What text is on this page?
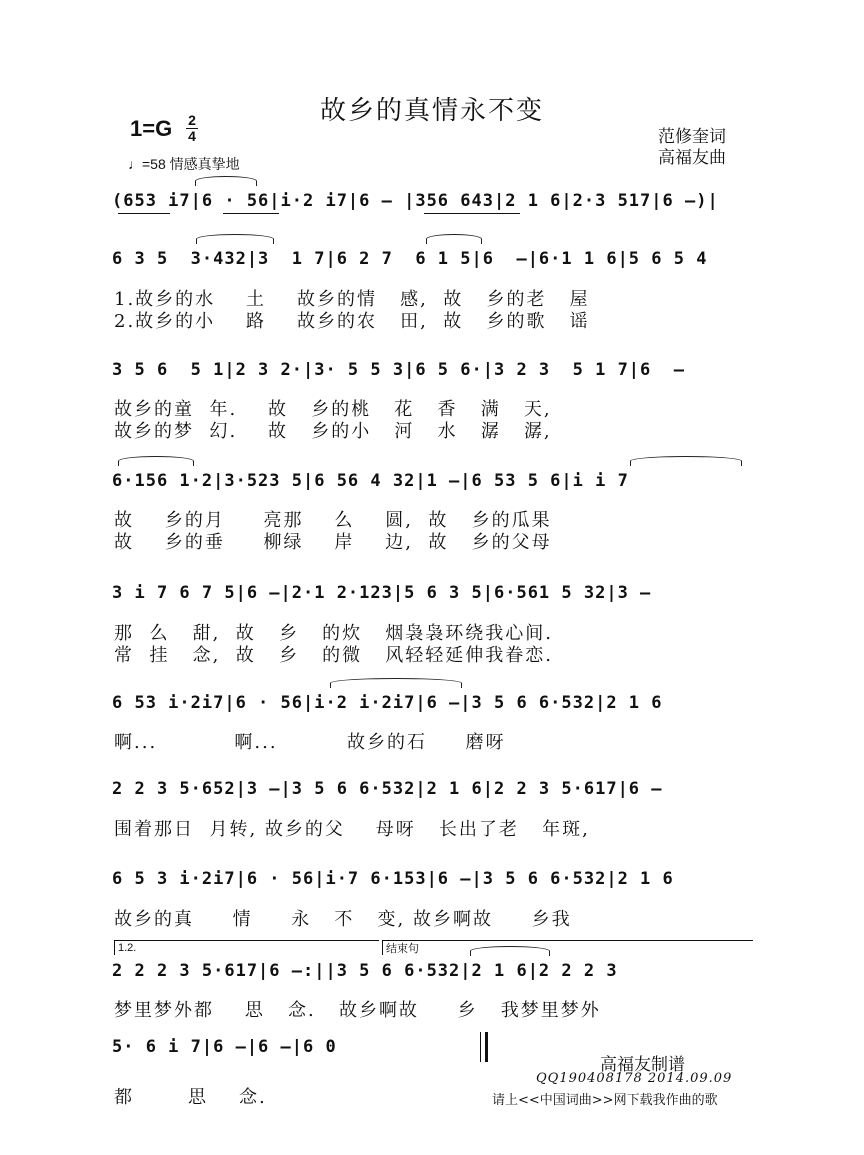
故乡的真情永不变
1=G 2
4	范修奎词
高福友曲
♩=58 情感真挚地
(653 i7|6 · 56|i·2 i7|6 – |356 643|2 1 6|2·3 517|6 –)|
6 3 5  3·432|3  1 7|6 2 7  6 1 5|6  –|6·1 1 6|5 6 5 4
1.故乡的水    土    故乡的情   感,  故   乡的老   屋
2.故乡的小    路    故乡的农   田,  故   乡的歌   谣
3 5 6  5 1|2 3 2·|3· 5 5 3|6 5 6·|3 2 3  5 1 7|6  –
故乡的童  年.    故   乡的桃   花   香   满   天,
故乡的梦  幻.    故   乡的小   河   水   潺   潺,
6·156 1·2|3·523 5|6 56 4 32|1 –|6 53 5 6|i i 7
故    乡的月     亮那    么    圆,  故   乡的瓜果
故    乡的垂     柳绿    岸    边,  故   乡的父母
3 i 7 6 7 5|6 –|2·1 2·123|5 6 3 5|6·561 5 32|3 –
那  么   甜,  故   乡   的炊   烟袅袅环绕我心间.
常  挂   念,  故   乡   的微   风轻轻延伸我眷恋.
6 53 i·2i7|6 · 56|i·2 i·2i7|6 –|3 5 6 6·532|2 1 6
啊...          啊...         故乡的石     磨呀
2 2 3 5·652|3 –|3 5 6 6·532|2 1 6|2 2 3 5·617|6 –
围着那日  月转, 故乡的父    母呀   长出了老   年斑,
6 5 3 i·2i7|6 · 56|i·7 6·153|6 –|3 5 6 6·532|2 1 6
故乡的真     情     永   不   变, 故乡啊故     乡我
1.2.	结束句
2 2 2 3 5·617|6 –:||3 5 6 6·532|2 1 6|2 2 2 3
梦里梦外都    思   念.   故乡啊故     乡   我梦里梦外
5· 6 i 7|6 –|6 –|6 0
都       思    念.
高福友制谱
QQ190408178 2014.09.09
请上<<中国词曲>>网下载我作曲的歌
